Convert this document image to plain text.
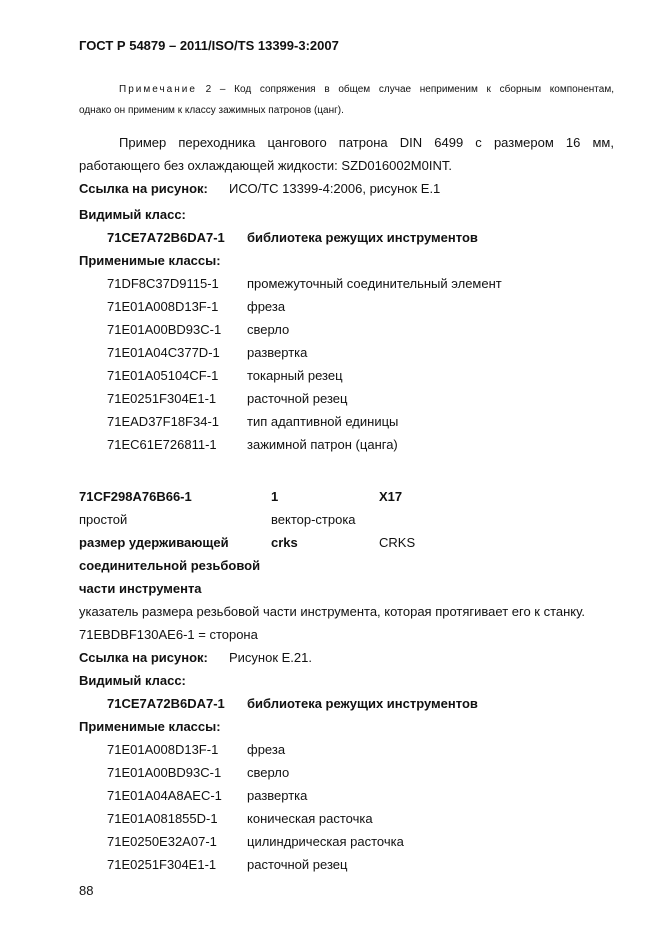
ГОСТ Р 54879 – 2011/ISO/TS 13399-3:2007
Примечание 2 – Код сопряжения в общем случае неприменим к сборным компонентам,
однако он применим к классу зажимных патронов (цанг).
Пример переходника цангового патрона DIN 6499 с размером 16 мм,
работающего без охлаждающей жидкости: SZD016002M0INT.
Ссылка на рисунок: ИСО/ТС 13399-4:2006, рисунок Е.1
Видимый класс:
71CE7A72B6DA7-1 библиотека режущих инструментов
Применимые классы:
71DF8C37D9115-1 промежуточный соединительный элемент
71E01A008D13F-1 фреза
71E01A00BD93C-1 сверло
71E01A04C377D-1 развертка
71E01A05104CF-1 токарный резец
71E0251F304E1-1 расточной резец
71EAD37F18F34-1 тип адаптивной единицы
71EC61E726811-1 зажимной патрон (цанга)
71CF298A76B66-1	1	X17
простой	вектор-строка
размер удерживающей	crks	CRKS
соединительной резьбовой
части инструмента
указатель размера резьбовой части инструмента, которая протягивает его к станку.
71EBDBF130AE6-1 = сторона
Ссылка на рисунок: Рисунок Е.21.
Видимый класс:
71CE7A72B6DA7-1 библиотека режущих инструментов
Применимые классы:
71E01A008D13F-1 фреза
71E01A00BD93C-1 сверло
71E01A04A8AEC-1 развертка
71E01A081855D-1 коническая расточка
71E0250E32A07-1 цилиндрическая расточка
71E0251F304E1-1 расточной резец
88
